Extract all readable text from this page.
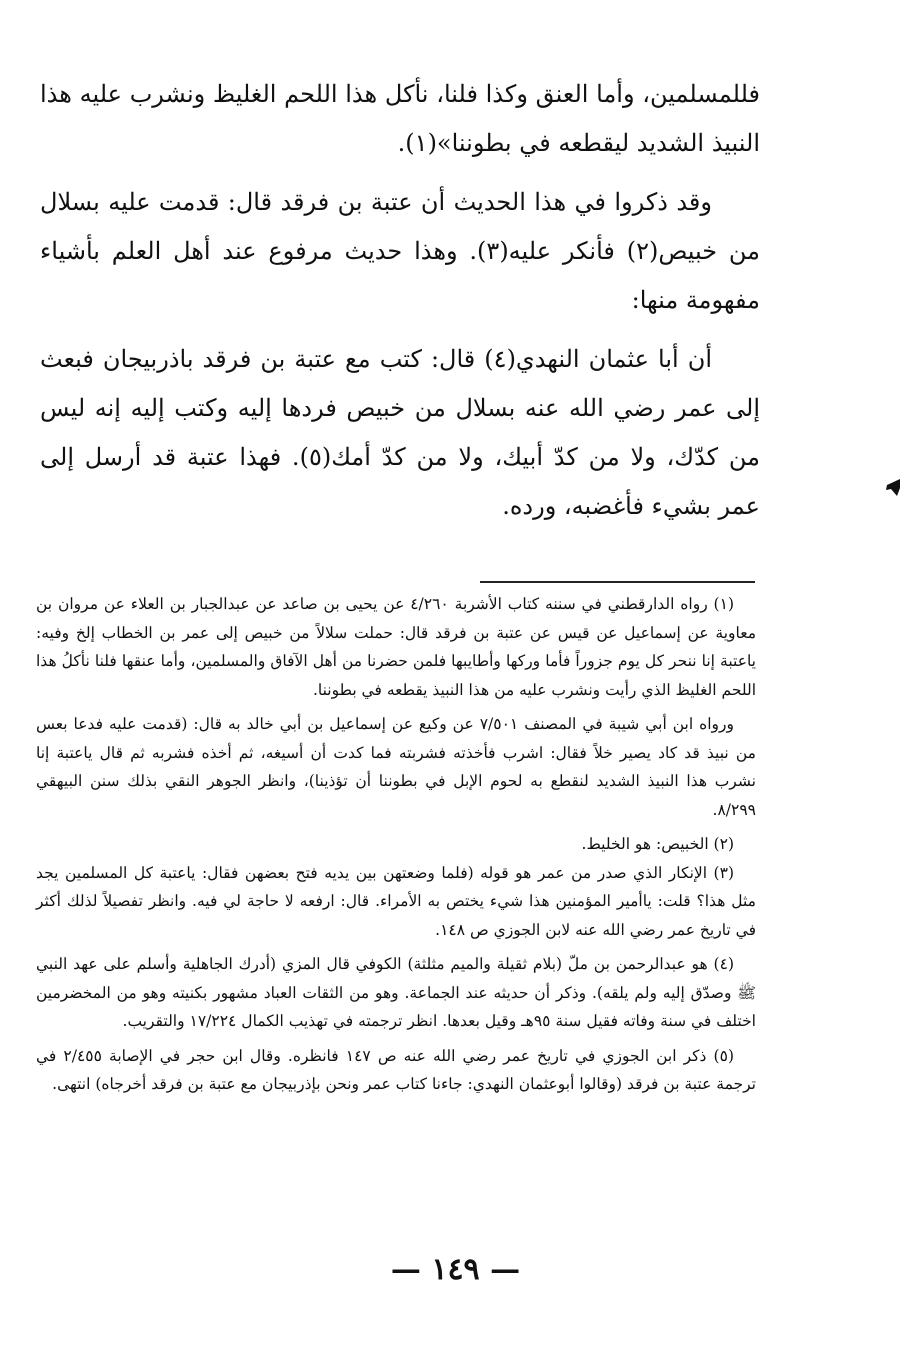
فللمسلمين، وأما العنق وكذا فلنا، نأكل هذا اللحم الغليظ ونشرب عليه هذا النبيذ الشديد ليقطعه في بطوننا»(١).

وقد ذكروا في هذا الحديث أن عتبة بن فرقد قال: قدمت عليه بسلال من خبيص(٢) فأنكر عليه(٣). وهذا حديث مرفوع عند أهل العلم بأشياء مفهومة منها:

أن أبا عثمان النهدي(٤) قال: كتب مع عتبة بن فرقد باذربيجان فبعث إلى عمر رضي الله عنه بسلال من خبيص فردها إليه وكتب إليه إنه ليس من كدّك، ولا من كدّ أبيك، ولا من كدّ أمك(٥). فهذا عتبة قد أرسل إلى عمر بشيء فأغضبه، ورده.

(١) رواه الدارقطني في سننه كتاب الأشربة ٤/٢٦٠ عن يحيى بن صاعد عن عبدالجبار بن العلاء عن مروان بن معاوية عن إسماعيل عن قيس عن عتبة بن فرقد قال: حملت سلالاً من خبيص إلى عمر بن الخطاب إلخ وفيه: ياعتبة إنا ننحر كل يوم جزوراً فأما وركها وأطايبها فلمن حضرنا من أهل الآفاق والمسلمين، وأما عنقها فلنا نأكلُ هذا اللحم الغليظ الذي رأيت ونشرب عليه من هذا النبيذ يقطعه في بطوننا.

ورواه ابن أبي شيبة في المصنف ٧/٥٠١ عن وكيع عن إسماعيل بن أبي خالد به قال: (قدمت عليه فدعا بعس من نبيذ قد كاد يصير خلاً فقال: اشرب فأخذته فشربته فما كدت أن أسيغه، ثم أخذه فشربه ثم قال ياعتبة إنا نشرب هذا النبيذ الشديد لنقطع به لحوم الإبل في بطوننا أن تؤذينا)، وانظر الجوهر النقي بذلك سنن البيهقي ٨/٢٩٩.

(٢) الخبيص: هو الخليط.

(٣) الإنكار الذي صدر من عمر هو قوله (فلما وضعتهن بين يديه فتح بعضهن فقال: ياعتبة كل المسلمين يجد مثل هذا؟ قلت: ياأمير المؤمنين هذا شيء يختص به الأمراء. قال: ارفعه لا حاجة لي فيه. وانظر تفصيلاً لذلك أكثر في تاريخ عمر رضي الله عنه لابن الجوزي ص ١٤٨.

(٤) هو عبدالرحمن بن ملّ (بلام ثقيلة والميم مثلثة) الكوفي قال المزي (أدرك الجاهلية وأسلم على عهد النبي ﷺ وصدّق إليه ولم يلقه). وذكر أن حديثه عند الجماعة. وهو من الثقات العباد مشهور بكنيته وهو من المخضرمين اختلف في سنة وفاته فقيل سنة ٩٥هـ وقيل بعدها. انظر ترجمته في تهذيب الكمال ١٧/٢٢٤ والتقريب.

(٥) ذكر ابن الجوزي في تاريخ عمر رضي الله عنه ص ١٤٧ فانظره. وقال ابن حجر في الإصابة ٢/٤٥٥ في ترجمة عتبة بن فرقد (وقالوا أبوعثمان النهدي: جاءنا كتاب عمر ونحن بإذربيجان مع عتبة بن فرقد أخرجاه) انتهى.

— ١٤٩ —
